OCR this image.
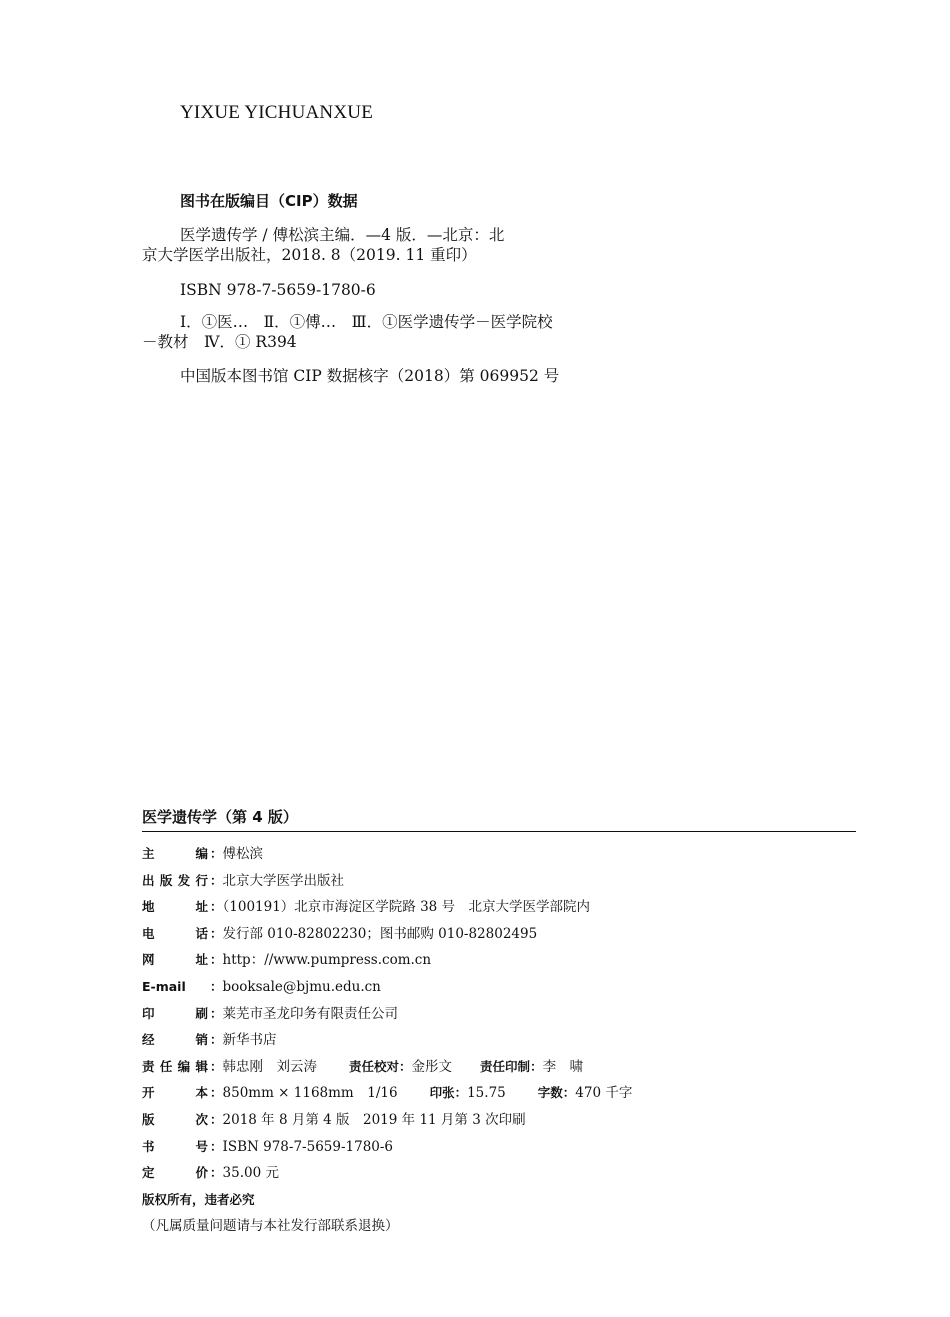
YIXUE YICHUANXUE
图书在版编目（CIP）数据
医学遗传学 / 傅松滨主编．—4 版．—北京：北
京大学医学出版社，2018. 8（2019. 11 重印）
ISBN 978-7-5659-1780-6
Ⅰ．①医…　Ⅱ．①傅…　Ⅲ．①医学遗传学－医学院校
－教材　Ⅳ．① R394
中国版本图书馆 CIP 数据核字（2018）第 069952 号
医学遗传学（第 4 版）
主编 ：傅松滨
出版发行 ：北京大学医学出版社
地址 ：（100191）北京市海淀区学院路 38 号　北京大学医学部院内
电话 ：发行部 010-82802230；图书邮购 010-82802495
网址 ：http：//www.pumpress.com.cn
E-mail ：booksale@bjmu.edu.cn
印刷 ：莱芜市圣龙印务有限责任公司
经销 ：新华书店
责任编辑 ：韩忠刚　刘云涛	责任校对：金彤文 责任印制：李　啸
开本 ：850mm × 1168mm　1/16	印张：15.75	字数：470 千字
版次 ：2018 年 8 月第 4 版　2019 年 11 月第 3 次印刷
书号 ：ISBN 978-7-5659-1780-6
定价 ：35.00 元
版权所有，违者必究
（凡属质量问题请与本社发行部联系退换）
